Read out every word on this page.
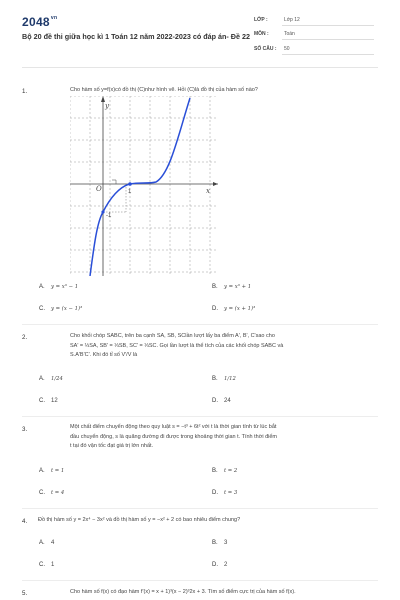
$2048^{vn}$
Bộ 20 đề thi giữa học kì 1 Toán 12 năm 2022-2023 có đáp án- Đề 22
LỚP :	Lớp 12
MÔN :	Toán
SỐ CÂU : 50
1.	Cho hàm số y=f(x)có đồ thị (C)như hình vẽ. Hỏi (C)là đồ thị của hàm số nào?
y
x
O	1
-1
A. y = x³ − 1	B. y = x³ + 1
C. y = (x − 1)³	D. y = (x + 1)³
2.	Cho khối chóp SABC, trên ba cạnh SA, SB, SClần lượt lấy ba điểm A', B', C'sao cho
SA' = ⅓SA, SB' = ⅓SB, SC' = ⅓SC. Gọi lần lượt là thể tích của các khối chóp SABC và
S.A'B'C'. Khi đó tỉ số V'/V là
A. 1/24	B. 1/12
C. 12	D. 24
3.	Một chất điểm chuyển động theo quy luật s = −t³ + 6t² với t là thời gian tính từ lúc bắt
đầu chuyển động, s là quãng đường đi được trong khoảng thời gian t. Tính thời điểm
t tại đó vận tốc đạt giá trị lớn nhất.
A. t = 1	B. t = 2
C. t = 4	D. t = 3
4. Đồ thị hàm số y = 2x⁴ − 3x² và đồ thị hàm số y = −x² + 2 có bao nhiêu điểm chung?
A. 4	B. 3
C. 1	D. 2
5.	Cho hàm số f(x) có đạo hàm f'(x) = x + 1)³(x − 2)³2x + 3. Tìm số điểm cực trị của hàm số f(x).
